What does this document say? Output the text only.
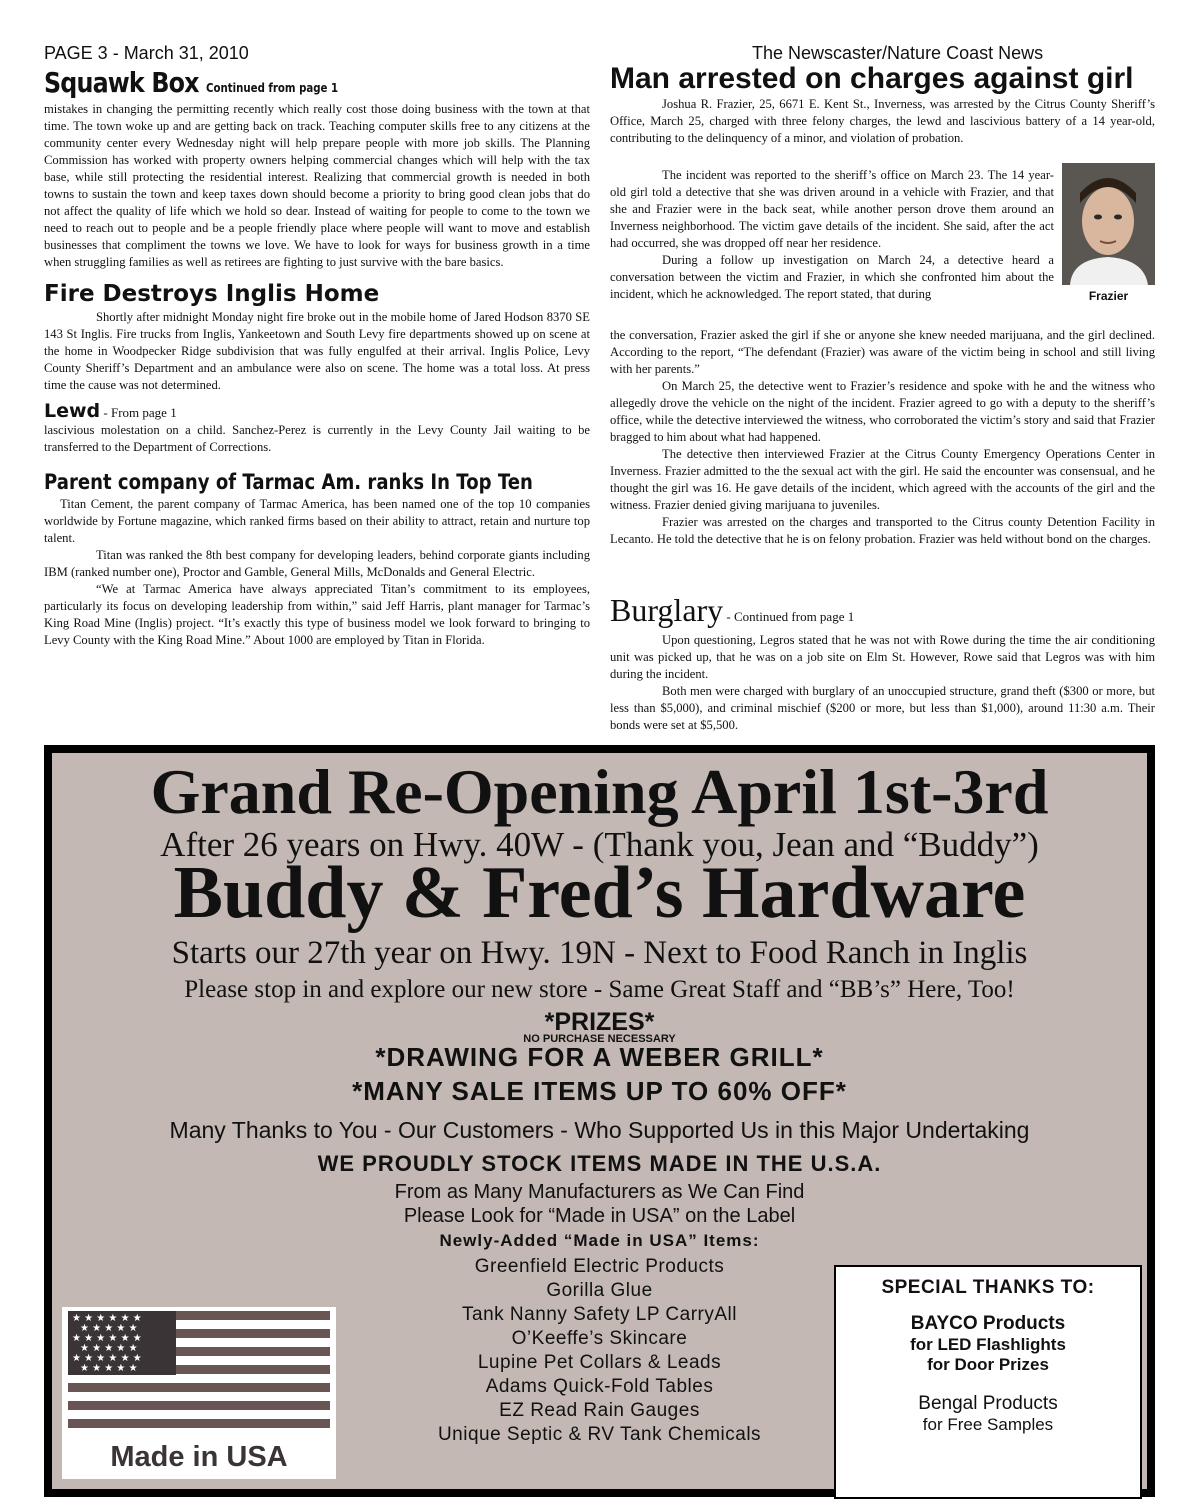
PAGE 3 - March 31, 2010	The Newscaster/Nature Coast News
Squawk Box Continued from page 1
mistakes in changing the permitting recently which really cost those doing business with the town at that time. The town woke up and are getting back on track. Teaching computer skills free to any citizens at the community center every Wednesday night will help prepare people with more job skills. The Planning Commission has worked with property owners helping commercial changes which will help with the tax base, while still protecting the residential interest. Realizing that commercial growth is needed in both towns to sustain the town and keep taxes down should become a priority to bring good clean jobs that do not affect the quality of life which we hold so dear. Instead of waiting for people to come to the town we need to reach out to people and be a people friendly place where people will want to move and establish businesses that compliment the towns we love. We have to look for ways for business growth in a time when struggling families as well as retirees are fighting to just survive with the bare basics.
Fire Destroys Inglis Home
Shortly after midnight Monday night fire broke out in the mobile home of Jared Hodson 8370 SE 143 St Inglis. Fire trucks from Inglis, Yankeetown and South Levy fire departments showed up on scene at the home in Woodpecker Ridge subdivision that was fully engulfed at their arrival. Inglis Police, Levy County Sheriff’s Department and an ambulance were also on scene. The home was a total loss. At press time the cause was not determined.
Lewd - From page 1
lascivious molestation on a child. Sanchez-Perez is currently in the Levy County Jail waiting to be transferred to the Department of Corrections.
Parent company of Tarmac Am. ranks In Top Ten

Titan Cement, the parent company of Tarmac America, has been named one of the top 10 companies worldwide by Fortune magazine, which ranked firms based on their ability to attract, retain and nurture top talent.

Titan was ranked the 8th best company for developing leaders, behind corporate giants including IBM (ranked number one), Proctor and Gamble, General Mills, McDonalds and General Electric.

“We at Tarmac America have always appreciated Titan’s commitment to its employees, particularly its focus on developing leadership from within,” said Jeff Harris, plant manager for Tarmac’s King Road Mine (Inglis) project. “It’s exactly this type of business model we look forward to bringing to Levy County with the King Road Mine.” About 1000 are employed by Titan in Florida.

Man arrested on charges against girl

Joshua R. Frazier, 25, 6671 E. Kent St., Inverness, was arrested by the Citrus County Sheriff’s Office, March 25, charged with three felony charges, the lewd and lascivious battery of a 14 year-old, contributing to the delinquency of a minor, and violation of probation.

The incident was reported to the sheriff’s office on March 23. The 14 year-old girl told a detective that she was driven around in a vehicle with Frazier, and that she and Frazier were in the back seat, while another person drove them around an Inverness neighborhood. The victim gave details of the incident. She said, after the act had occurred, she was dropped off near her residence.

During a follow up investigation on March 24, a detective heard a conversation between the victim and Frazier, in which she confronted him about the incident, which he acknowledged. The report stated, that during	Frazier

the conversation, Frazier asked the girl if she or anyone she knew needed marijuana, and the girl declined. According to the report, “The defendant (Frazier) was aware of the victim being in school and still living with her parents.”

On March 25, the detective went to Frazier’s residence and spoke with he and the witness who allegedly drove the vehicle on the night of the incident. Frazier agreed to go with a deputy to the sheriff’s office, while the detective interviewed the witness, who corroborated the victim’s story and said that Frazier bragged to him about what had happened.

The detective then interviewed Frazier at the Citrus County Emergency Operations Center in Inverness. Frazier admitted to the the sexual act with the girl. He said the encounter was consensual, and he thought the girl was 16. He gave details of the incident, which agreed with the accounts of the girl and the witness. Frazier denied giving marijuana to juveniles.

Frazier was arrested on the charges and transported to the Citrus county Detention Facility in Lecanto. He told the detective that he is on felony probation. Frazier was held without bond on the charges.

Burglary - Continued from page 1

Upon questioning, Legros stated that he was not with Rowe during the time the air conditioning unit was picked up, that he was on a job site on Elm St. However, Rowe said that Legros was with him during the incident.

Both men were charged with burglary of an unoccupied structure, grand theft ($300 or more, but less than $5,000), and criminal mischief ($200 or more, but less than $1,000), around 11:30 a.m. Their bonds were set at $5,500.

Grand Re-Opening April 1st-3rd
After 26 years on Hwy. 40W - (Thank you, Jean and “Buddy”)
Buddy & Fred’s Hardware
Starts our 27th year on Hwy. 19N - Next to Food Ranch in Inglis
Please stop in and explore our new store - Same Great Staff and “BB’s” Here, Too!
*PRIZES*
NO PURCHASE NECESSARY
*DRAWING FOR A WEBER GRILL*
*MANY SALE ITEMS UP TO 60% OFF*
Many Thanks to You - Our Customers - Who Supported Us in this Major Undertaking
WE PROUDLY STOCK ITEMS MADE IN THE U.S.A.
From as Many Manufacturers as We Can Find
Please Look for “Made in USA” on the Label
Newly-Added “Made in USA” Items:
Greenfield Electric Products
Gorilla Glue
Tank Nanny Safety LP CarryAll
O’Keeffe’s Skincare
Lupine Pet Collars & Leads
Adams Quick-Fold Tables
EZ Read Rain Gauges
Unique Septic & RV Tank Chemicals
★ ★ ★ ★ ★ ★
★ ★ ★ ★ ★
★ ★ ★ ★ ★ ★
★ ★ ★ ★ ★
★ ★ ★ ★ ★ ★
★ ★ ★ ★ ★
Made in USA
SPECIAL THANKS TO:
BAYCO Products
for LED Flashlights
for Door Prizes
Bengal Products
for Free Samples
